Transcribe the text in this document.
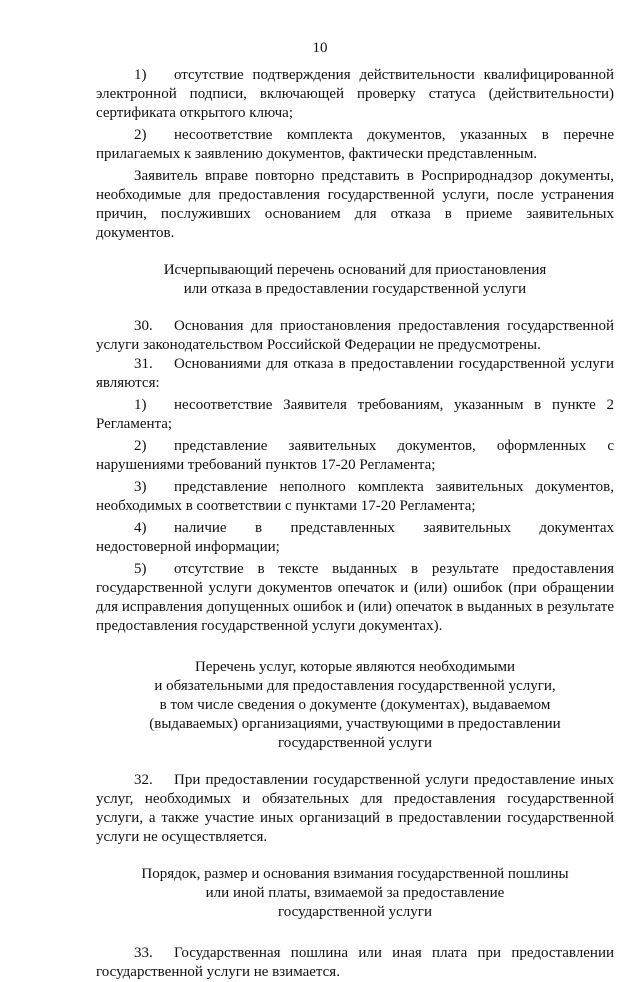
10
1) отсутствие подтверждения действительности квалифицированной электронной подписи, включающей проверку статуса (действительности) сертификата открытого ключа;
2) несоответствие комплекта документов, указанных в перечне прилагаемых к заявлению документов, фактически представленным.
Заявитель вправе повторно представить в Росприроднадзор документы, необходимые для предоставления государственной услуги, после устранения причин, послуживших основанием для отказа в приеме заявительных документов.
Исчерпывающий перечень оснований для приостановления
или отказа в предоставлении государственной услуги
30. Основания для приостановления предоставления государственной услуги законодательством Российской Федерации не предусмотрены.
31. Основаниями для отказа в предоставлении государственной услуги являются:
1) несоответствие Заявителя требованиям, указанным в пункте 2 Регламента;
2) представление заявительных документов, оформленных с нарушениями требований пунктов 17-20 Регламента;
3) представление неполного комплекта заявительных документов, необходимых в соответствии с пунктами 17-20 Регламента;
4) наличие в представленных заявительных документах недостоверной информации;
5) отсутствие в тексте выданных в результате предоставления государственной услуги документов опечаток и (или) ошибок (при обращении для исправления допущенных ошибок и (или) опечаток в выданных в результате предоставления государственной услуги документах).
Перечень услуг, которые являются необходимыми
и обязательными для предоставления государственной услуги,
в том числе сведения о документе (документах), выдаваемом
(выдаваемых) организациями, участвующими в предоставлении
государственной услуги
32. При предоставлении государственной услуги предоставление иных услуг, необходимых и обязательных для предоставления государственной услуги, а также участие иных организаций в предоставлении государственной услуги не осуществляется.
Порядок, размер и основания взимания государственной пошлины
или иной платы, взимаемой за предоставление
государственной услуги
33. Государственная пошлина или иная плата при предоставлении государственной услуги не взимается.
